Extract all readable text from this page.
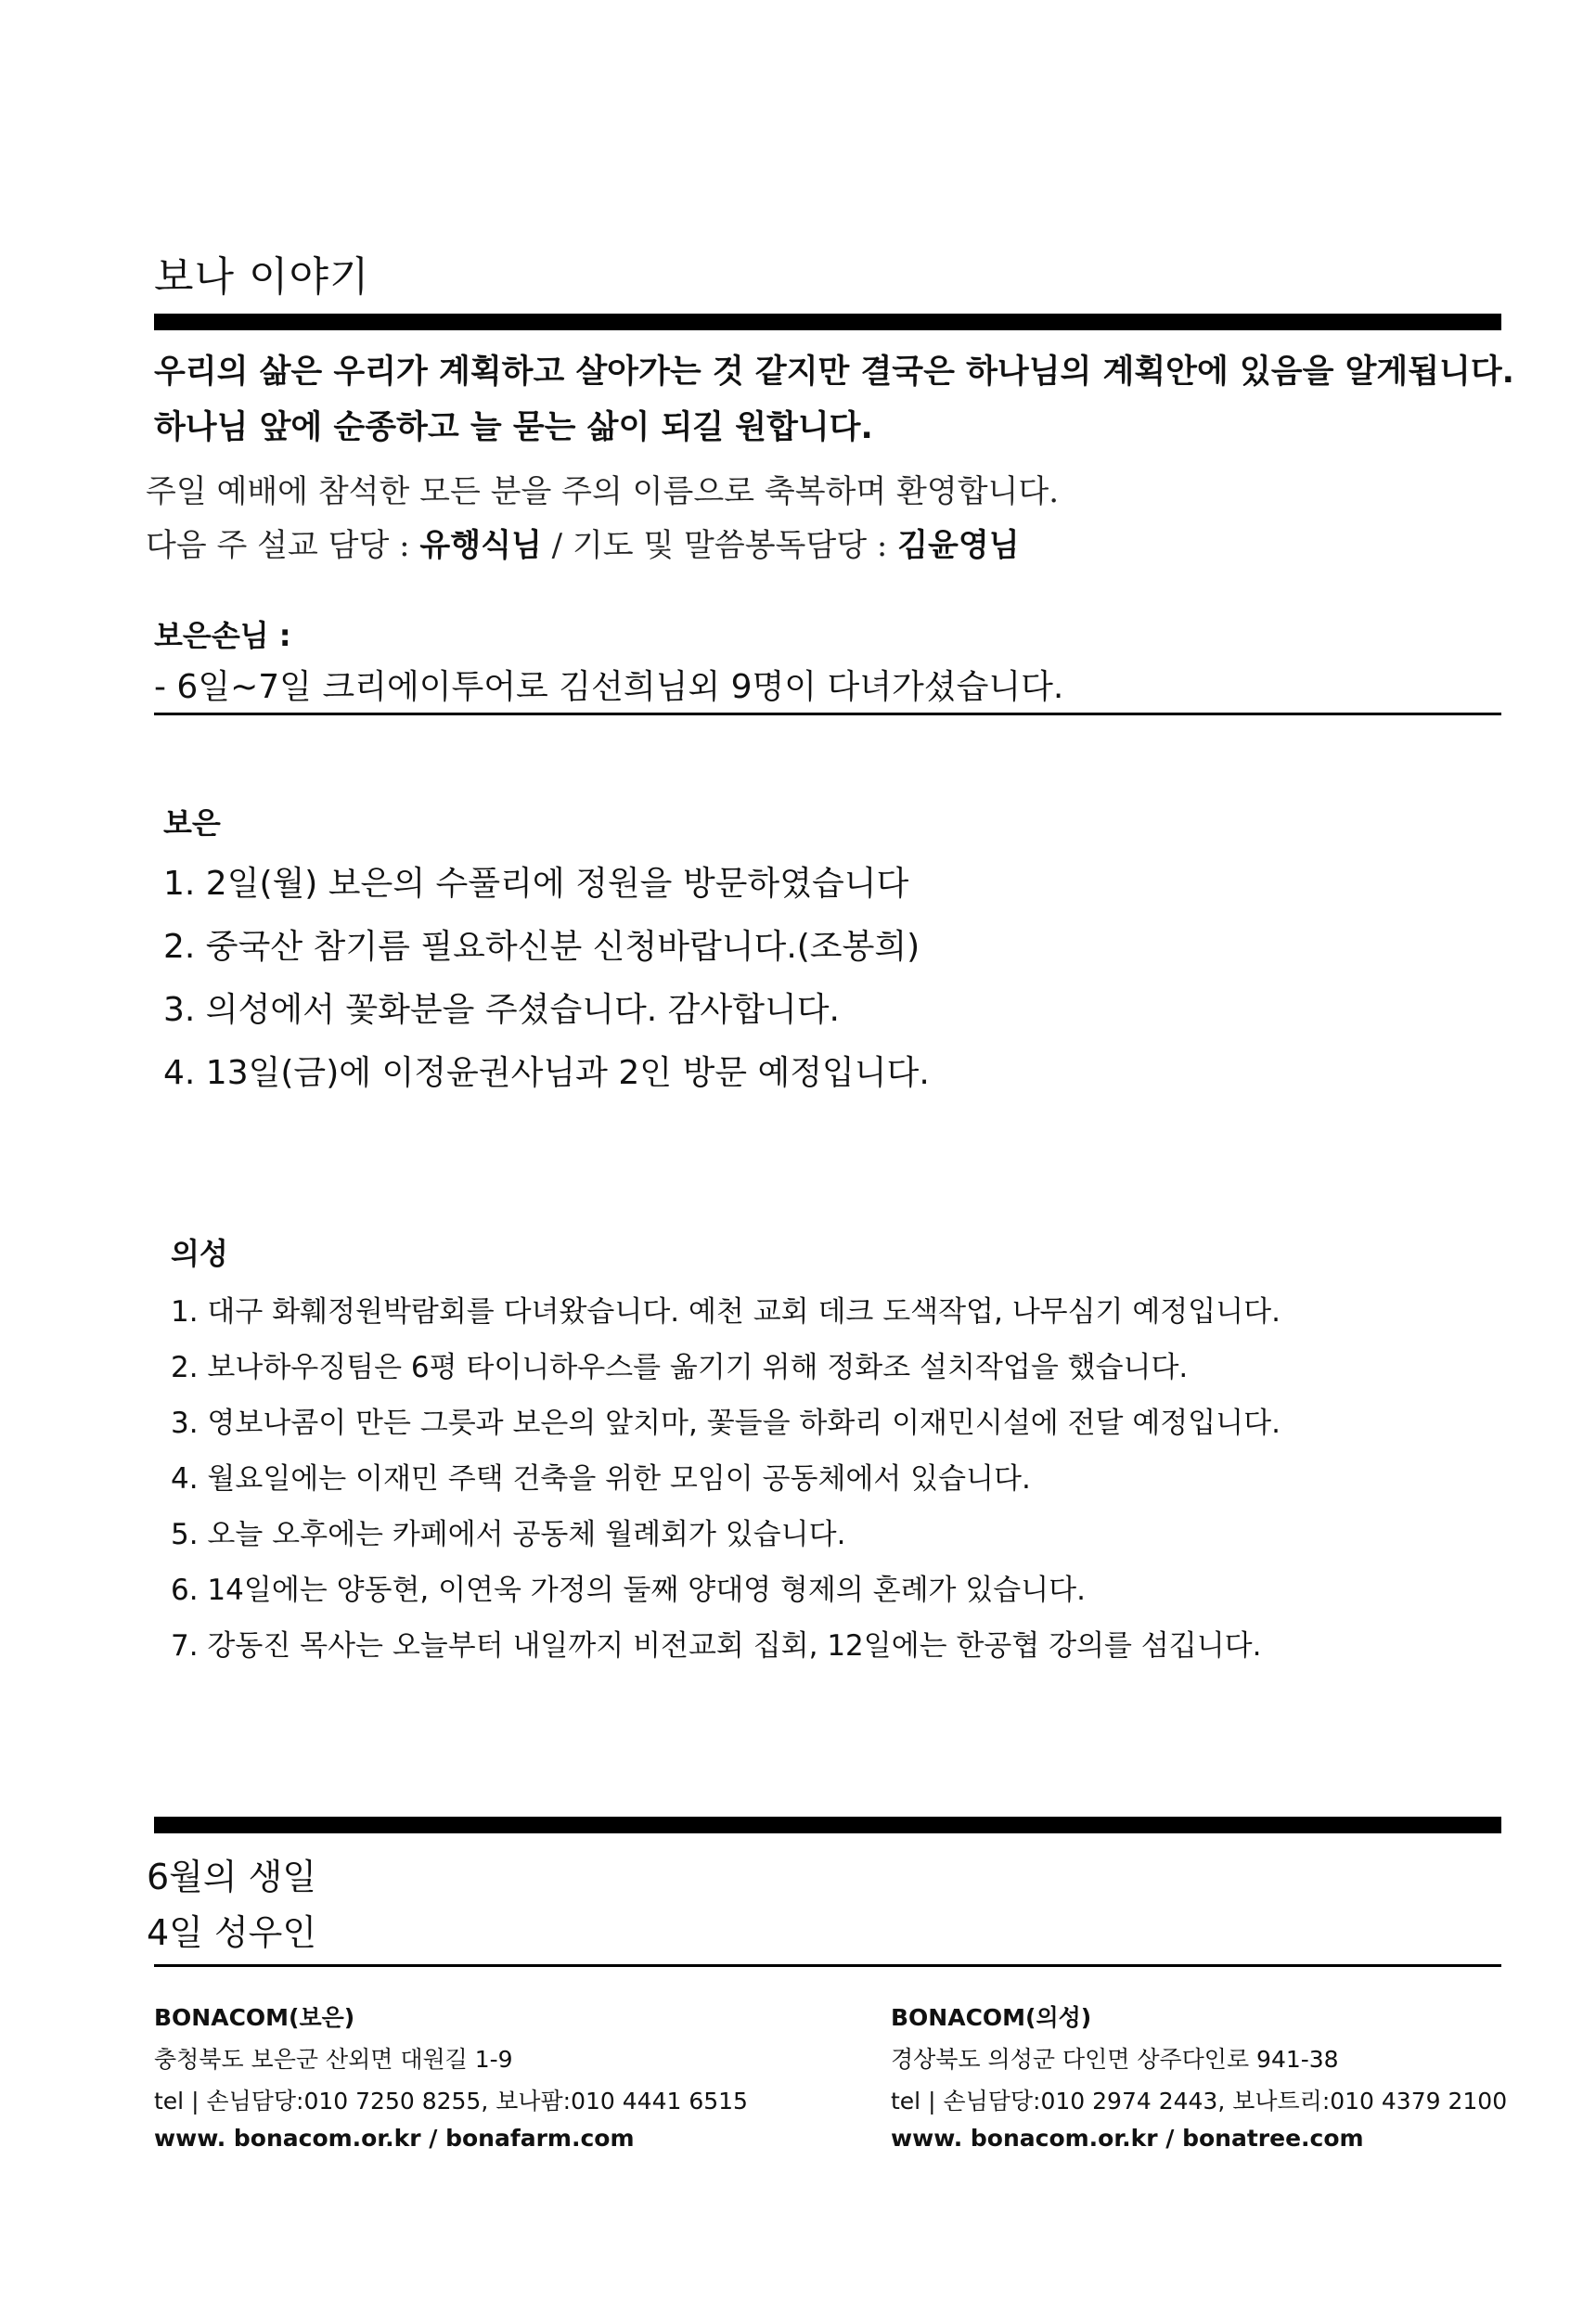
보나 이야기
우리의 삶은 우리가 계획하고 살아가는 것 같지만 결국은 하나님의 계획안에 있음을 알게됩니다.
하나님 앞에 순종하고 늘 묻는 삶이 되길 원합니다.
주일 예배에 참석한 모든 분을 주의 이름으로 축복하며 환영합니다.
다음 주 설교 담당 : 유행식님 / 기도 및 말씀봉독담당 : 김윤영님
보은손님 :
- 6일~7일 크리에이투어로 김선희님외 9명이 다녀가셨습니다.
보은
1. 2일(월) 보은의 수풀리에 정원을 방문하였습니다
2. 중국산 참기름 필요하신분 신청바랍니다.(조봉희)
3. 의성에서 꽃화분을 주셨습니다. 감사합니다.
4. 13일(금)에 이정윤권사님과 2인 방문 예정입니다.
의성
1. 대구 화훼정원박람회를 다녀왔습니다. 예천 교회 데크 도색작업, 나무심기 예정입니다.
2. 보나하우징팀은 6평 타이니하우스를 옮기기 위해 정화조 설치작업을 했습니다.
3. 영보나콤이 만든 그릇과 보은의 앞치마, 꽃들을 하화리 이재민시설에 전달 예정입니다.
4. 월요일에는 이재민 주택 건축을 위한 모임이 공동체에서 있습니다.
5. 오늘 오후에는 카페에서 공동체 월례회가 있습니다.
6. 14일에는 양동현, 이연욱 가정의 둘째 양대영 형제의 혼례가 있습니다.
7. 강동진 목사는 오늘부터 내일까지 비전교회 집회, 12일에는 한공협 강의를 섬깁니다.
6월의 생일
4일 성우인
BONACOM(보은)
충청북도 보은군 산외면 대원길 1-9
tel | 손님담당:010 7250 8255, 보나팜:010 4441 6515
www. bonacom.or.kr / bonafarm.com
BONACOM(의성)
경상북도 의성군 다인면 상주다인로 941-38
tel | 손님담당:010 2974 2443, 보나트리:010 4379 2100
www. bonacom.or.kr / bonatree.com
